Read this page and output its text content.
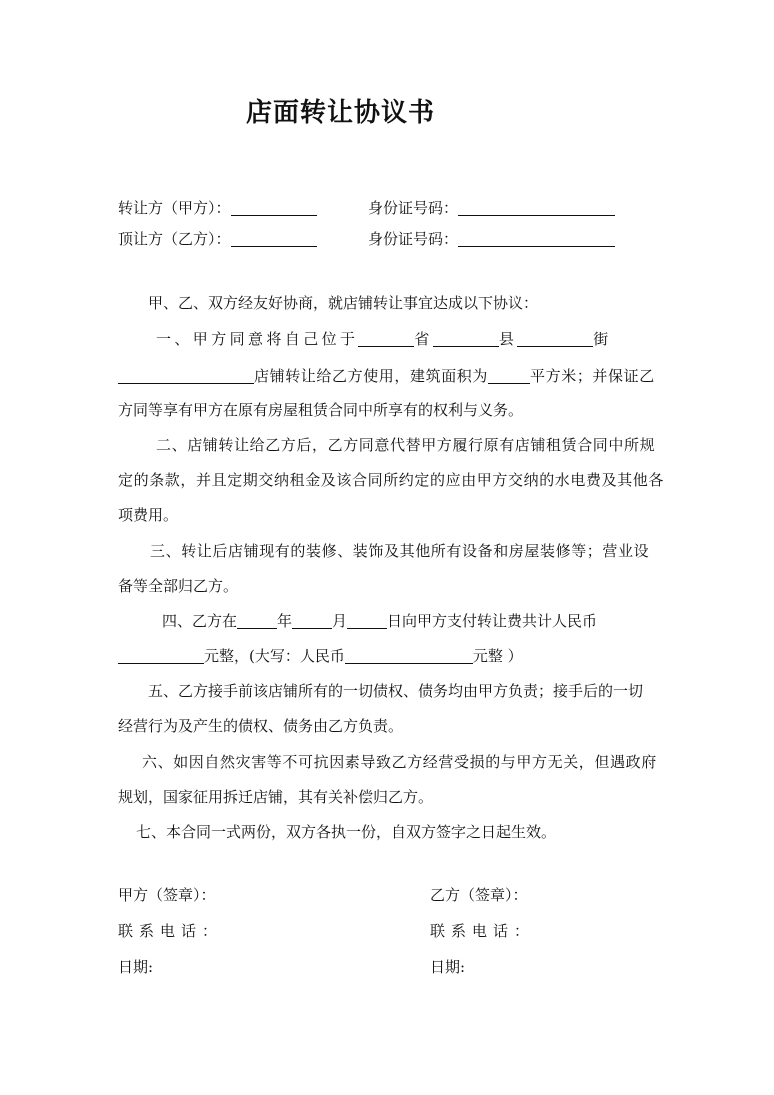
店面转让协议书
转让方（甲方）：	身份证号码：
顶让方（乙方）：	身份证号码：
甲、乙、双方经友好协商，就店铺转让事宜达成以下协议：
一、甲方同意将自己位于	省	县	街
店铺转让给乙方使用，建筑面积为	平方米；并保证乙
方同等享有甲方在原有房屋租赁合同中所享有的权利与义务。
二、店铺转让给乙方后，乙方同意代替甲方履行原有店铺租赁合同中所规
定的条款，并且定期交纳租金及该合同所约定的应由甲方交纳的水电费及其他各
项费用。
三、转让后店铺现有的装修、装饰及其他所有设备和房屋装修等；营业设
备等全部归乙方。
四、乙方在	年	月	日向甲方支付转让费共计人民币
元整，(大写：人民币	元整 ）
五、乙方接手前该店铺所有的一切债权、债务均由甲方负责；接手后的一切
经营行为及产生的债权、债务由乙方负责。
六、如因自然灾害等不可抗因素导致乙方经营受损的与甲方无关，但遇政府
规划，国家征用拆迁店铺，其有关补偿归乙方。
七、本合同一式两份，双方各执一份，自双方签字之日起生效。
甲方（签章）：	乙方（签章）：
联系电话：	联系电话：
日期:	日期:
